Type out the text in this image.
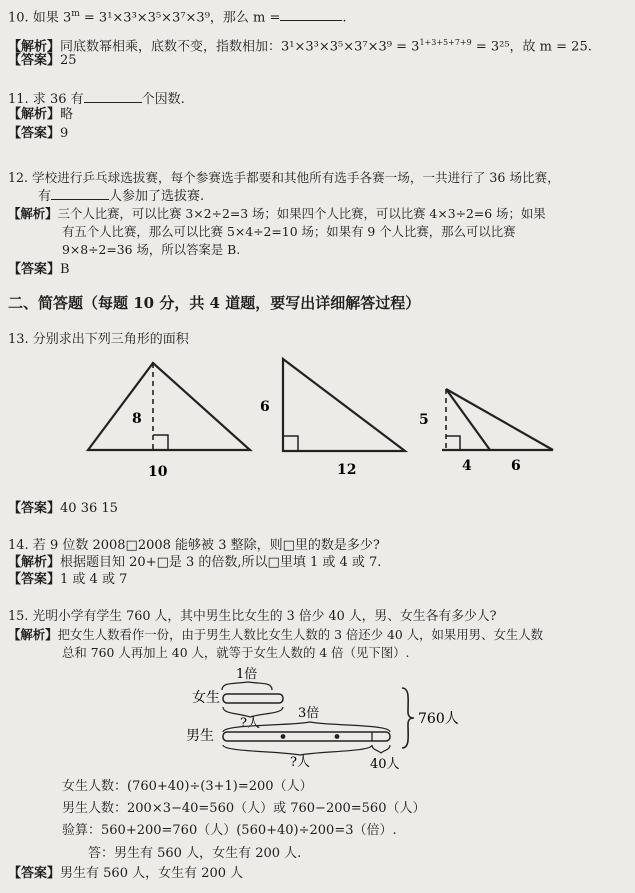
10. 如果 $3^m = 3^1\times 3^3\times 3^5\times 3^7\times 3^9$，那么 m =	.
【解析】同底数幂相乘，底数不变，指数相加：$3^1\times 3^3\times 3^5\times 3^7\times 3^9 = 3^{1+3+5+7+9} = 3^{25}$，故 m = 25.
【答案】25
11. 求 36 有	个因数.
【解析】略
【答案】9
12. 学校进行乒乓球选拔赛，每个参赛选手都要和其他所有选手各赛一场，一共进行了 36 场比赛，
有	人参加了选拔赛.
【解析】三个人比赛，可以比赛 3×2÷2=3 场；如果四个人比赛，可以比赛 4×3÷2=6 场；如果
有五个人比赛，那么可以比赛 5×4÷2=10 场；如果有 9 个人比赛，那么可以比赛
9×8÷2=36 场，所以答案是 B.
【答案】B
二、简答题（每题 10 分，共 4 道题，要写出详细解答过程）
13. 分别求出下列三角形的面积
8
10
6
12
5
4	6
【答案】40 36 15
14. 若 9 位数 2008□2008 能够被 3 整除，则□里的数是多少?
【解析】根据题目知 20+□是 3 的倍数,所以□里填 1 或 4 或 7.
【答案】1 或 4 或 7
15. 光明小学有学生 760 人，其中男生比女生的 3 倍少 40 人，男、女生各有多少人?
【解析】把女生人数看作一份，由于男生人数比女生人数的 3 倍还少 40 人，如果用男、女生人数
总和 760 人再加上 40 人，就等于女生人数的 4 倍（见下图）.
1倍
女生
?人
3倍
男生
?人	40人
760人
女生人数：(760+40)÷(3+1)=200（人）
男生人数：200×3−40=560（人）或 760−200=560（人）
验算：560+200=760（人）(560+40)÷200=3（倍）.
答：男生有 560 人，女生有 200 人.
【答案】男生有 560 人，女生有 200 人
